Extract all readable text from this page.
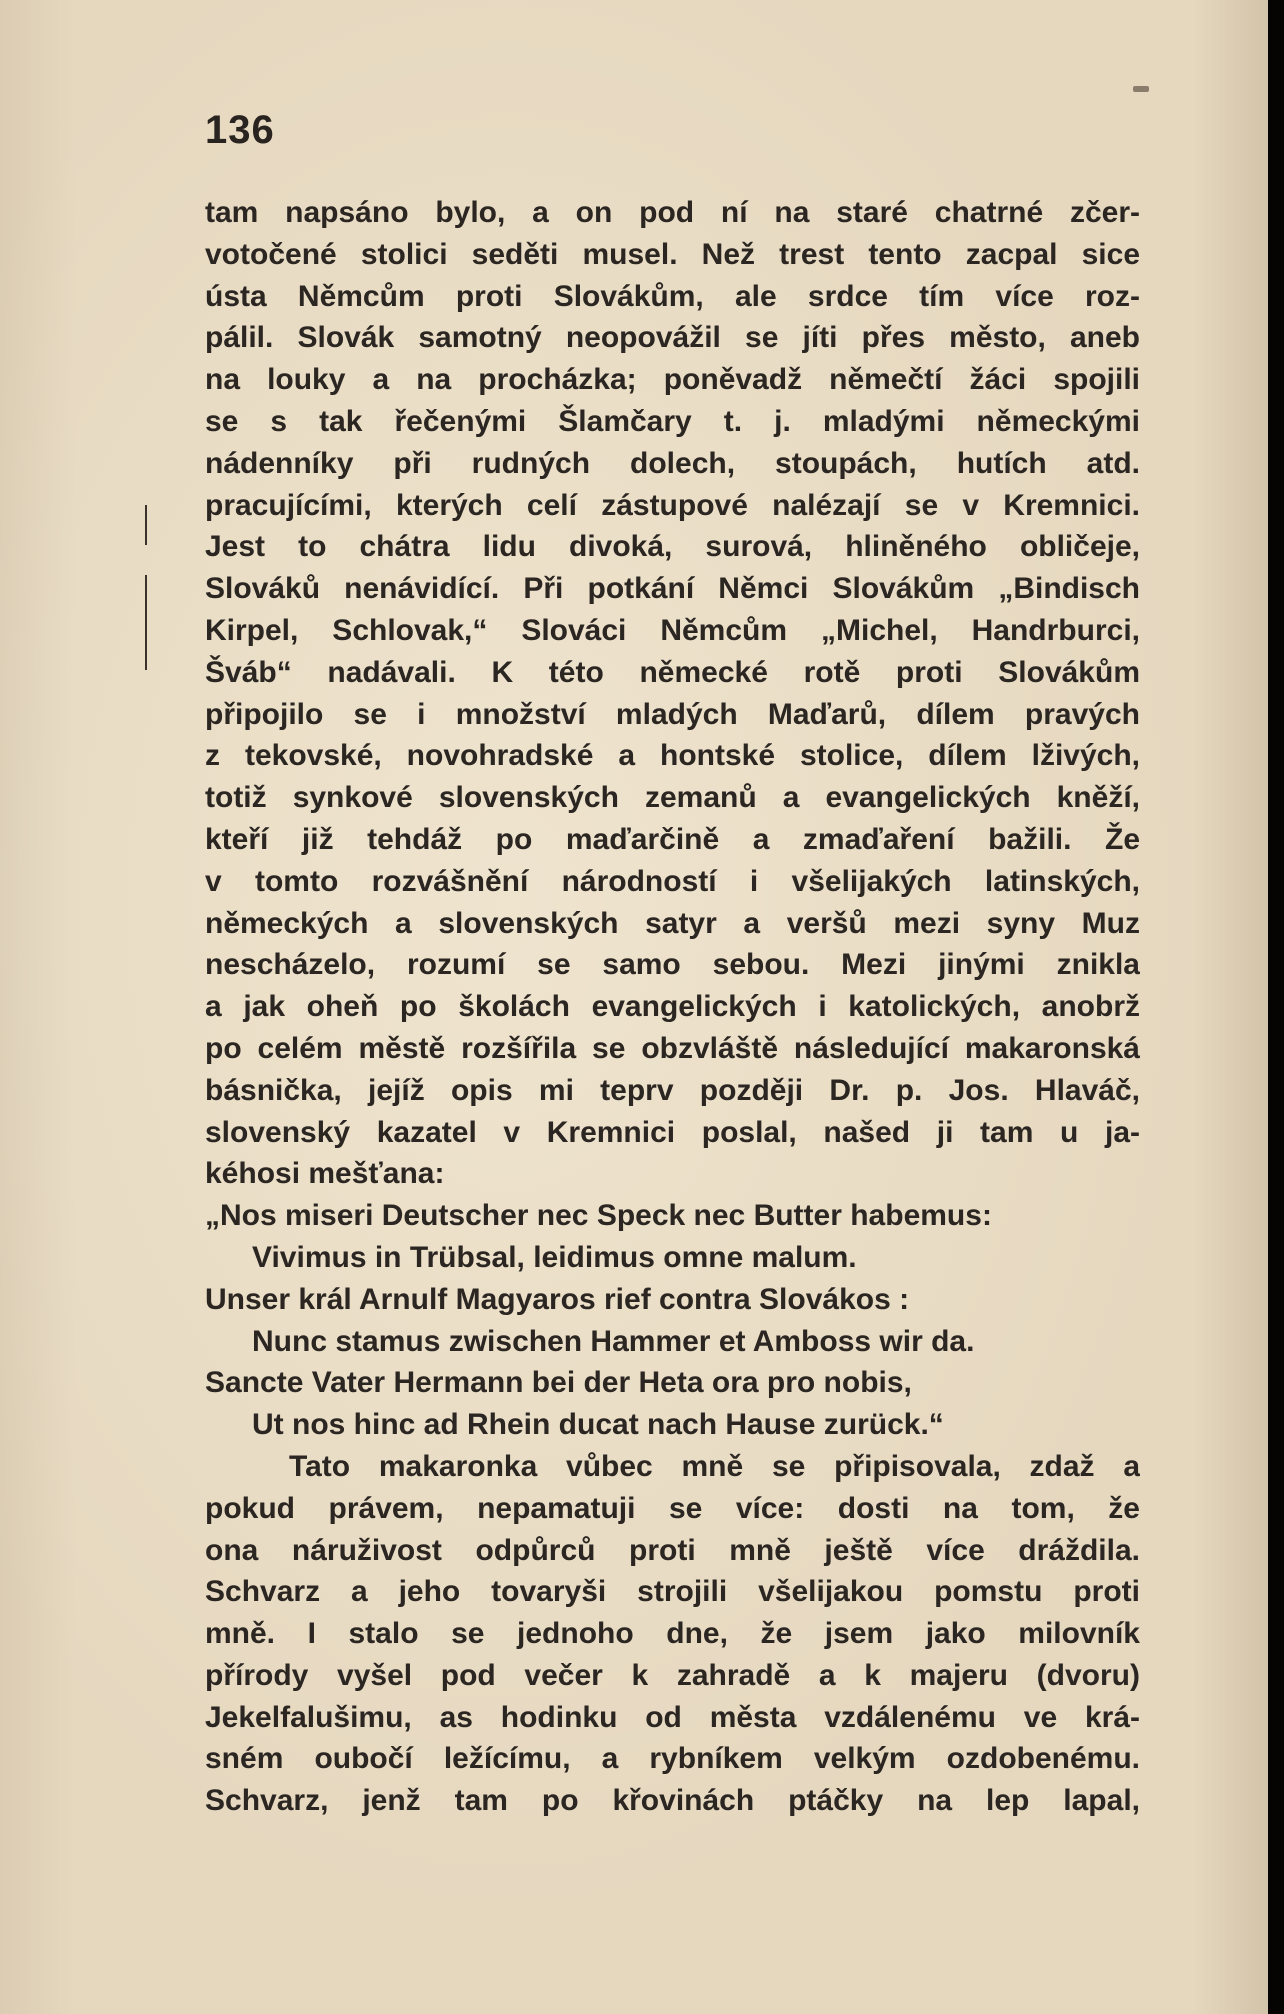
136
tam napsáno bylo, a on pod ní na staré chatrné zčer-
votočené stolici seděti musel. Než trest tento zacpal sice
ústa Němcům proti Slovákům, ale srdce tím více roz-
pálil. Slovák samotný neopovážil se jíti přes město, aneb
na louky a na procházka; poněvadž němečtí žáci spojili
se s tak řečenými Šlamčary t. j. mladými německými
nádenníky při rudných dolech, stoupách, hutích atd.
pracujícími, kterých celí zástupové nalézají se v Kremnici.
Jest to chátra lidu divoká, surová, hliněného obličeje,
Slováků nenávidící. Při potkání Němci Slovákům „Bindisch
Kirpel, Schlovak,“ Slováci Němcům „Michel, Handrburci,
Šváb“ nadávali. K této německé rotě proti Slovákům
připojilo se i množství mladých Maďarů, dílem pravých
z tekovské, novohradské a hontské stolice, dílem lživých,
totiž synkové slovenských zemanů a evangelických kněží,
kteří již tehdáž po maďarčině a zmaďaření bažili. Že
v tomto rozvášnění národností i všelijakých latinských,
německých a slovenských satyr a veršů mezi syny Muz
nescházelo, rozumí se samo sebou. Mezi jinými znikla
a jak oheň po školách evangelických i katolických, anobrž
po celém městě rozšířila se obzvláště následující makaronská
básnička, jejíž opis mi teprv později Dr. p. Jos. Hlaváč,
slovenský kazatel v Kremnici poslal, našed ji tam u ja-
kéhosi mešťana:
„Nos miseri Deutscher nec Speck nec Butter habemus:
Vivimus in Trübsal, leidimus omne malum.
Unser král Arnulf Magyaros rief contra Slovákos :
Nunc stamus zwischen Hammer et Amboss wir da.
Sancte Vater Hermann bei der Heta ora pro nobis,
Ut nos hinc ad Rhein ducat nach Hause zurück.“
Tato makaronka vůbec mně se připisovala, zdaž a
pokud právem, nepamatuji se více: dosti na tom, že
ona náruživost odpůrců proti mně ještě více dráždila.
Schvarz a jeho tovaryši strojili všelijakou pomstu proti
mně. I stalo se jednoho dne, že jsem jako milovník
přírody vyšel pod večer k zahradě a k majeru (dvoru)
Jekelfalušimu, as hodinku od města vzdálenému ve krá-
sném oubočí ležícímu, a rybníkem velkým ozdobenému.
Schvarz, jenž tam po křovinách ptáčky na lep lapal,
